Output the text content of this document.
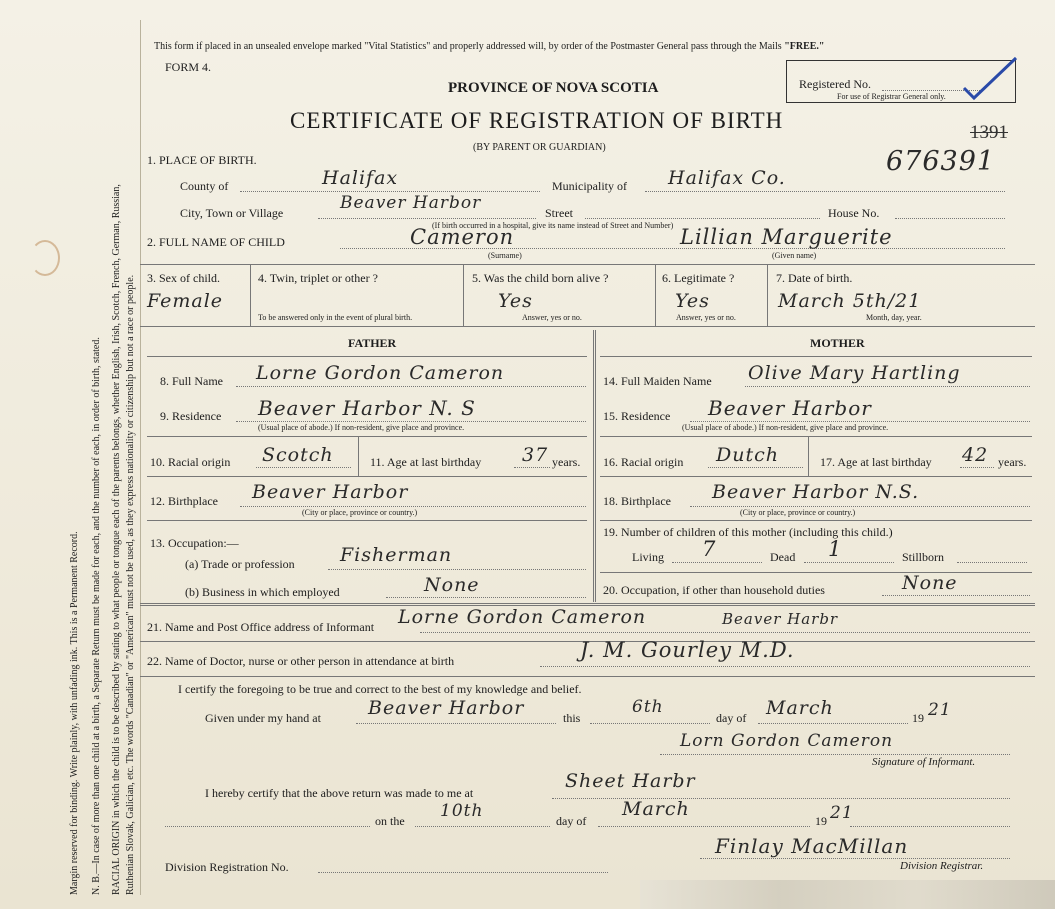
Margin reserved for binding. Write plainly, with unfading ink. This is a Permanent Record. N. B.—In case of more than one child at a birth, a Separate Return must be made for each, and the number of each, in order of birth, stated. RACIAL ORIGIN in which the child is to be described by stating to what people or tongue each of the parents belongs, whether English, Irish, Scotch, French, German, Russian, Ruthenian Slovak, Galician, etc. The words "Canadian" or "American" must not be used, as they express nationality or citizenship but not a race or people.
This form if placed in an unsealed envelope marked "Vital Statistics" and properly addressed will, by order of the Postmaster General pass through the Mails "FREE."
FORM 4.
PROVINCE OF NOVA SCOTIA
CERTIFICATE OF REGISTRATION OF BIRTH
(BY PARENT OR GUARDIAN)
Registered No.
For use of Registrar General only.
1391
676391
1. PLACE OF BIRTH.
County of	Halifax	Municipality of Halifax Co.
City, Town or Village	Beaver Harbor	Street	House No.
(If birth occurred in a hospital, give its name instead of Street and Number)
2. FULL NAME OF CHILD	Cameron
(Surname)
Lillian Marguerite
(Given name)
3. Sex of child.
Female
4. Twin, triplet or other ?
To be answered only in the event of plural birth.
5. Was the child born alive ?
Yes
Answer, yes or no.
6. Legitimate ?
Yes
Answer, yes or no.
7. Date of birth.
March 5th/21
Month, day, year.
FATHER	MOTHER
8. Full Name Lorne Gordon Cameron
9. Residence Beaver Harbor N. S
(Usual place of abode.) If non-resident, give place and province.
10. Racial origin Scotch	11. Age at last birthday 37 years.
12. Birthplace Beaver Harbor
(City or place, province or country.)
13. Occupation:—
(a) Trade or profession Fisherman
(b) Business in which employed	None
14. Full Maiden Name Olive Mary Hartling
15. Residence Beaver Harbor
(Usual place of abode.) If non-resident, give place and province.
16. Racial origin Dutch	17. Age at last birthday 42 years.
18. Birthplace Beaver Harbor N.S.
(City or place, province or country.)
19. Number of children of this mother (including this child.)
Living 7	Dead 1	Stillborn
20. Occupation, if other than household duties	None
21. Name and Post Office address of Informant Lorne Gordon Cameron	Beaver Harbr
22. Name of Doctor, nurse or other person in attendance at birth	J. M. Gourley M.D.
I certify the foregoing to be true and correct to the best of my knowledge and belief.
Given under my hand at Beaver Harbor	this
6th
day of March	19 21
Lorn Gordon Cameron
Signature of Informant.
I hereby certify that the above return was made to me at
Sheet Harbr
on the 10th	day of
March
19 21
Division Registration No.
Finlay MacMillan
Division Registrar.
